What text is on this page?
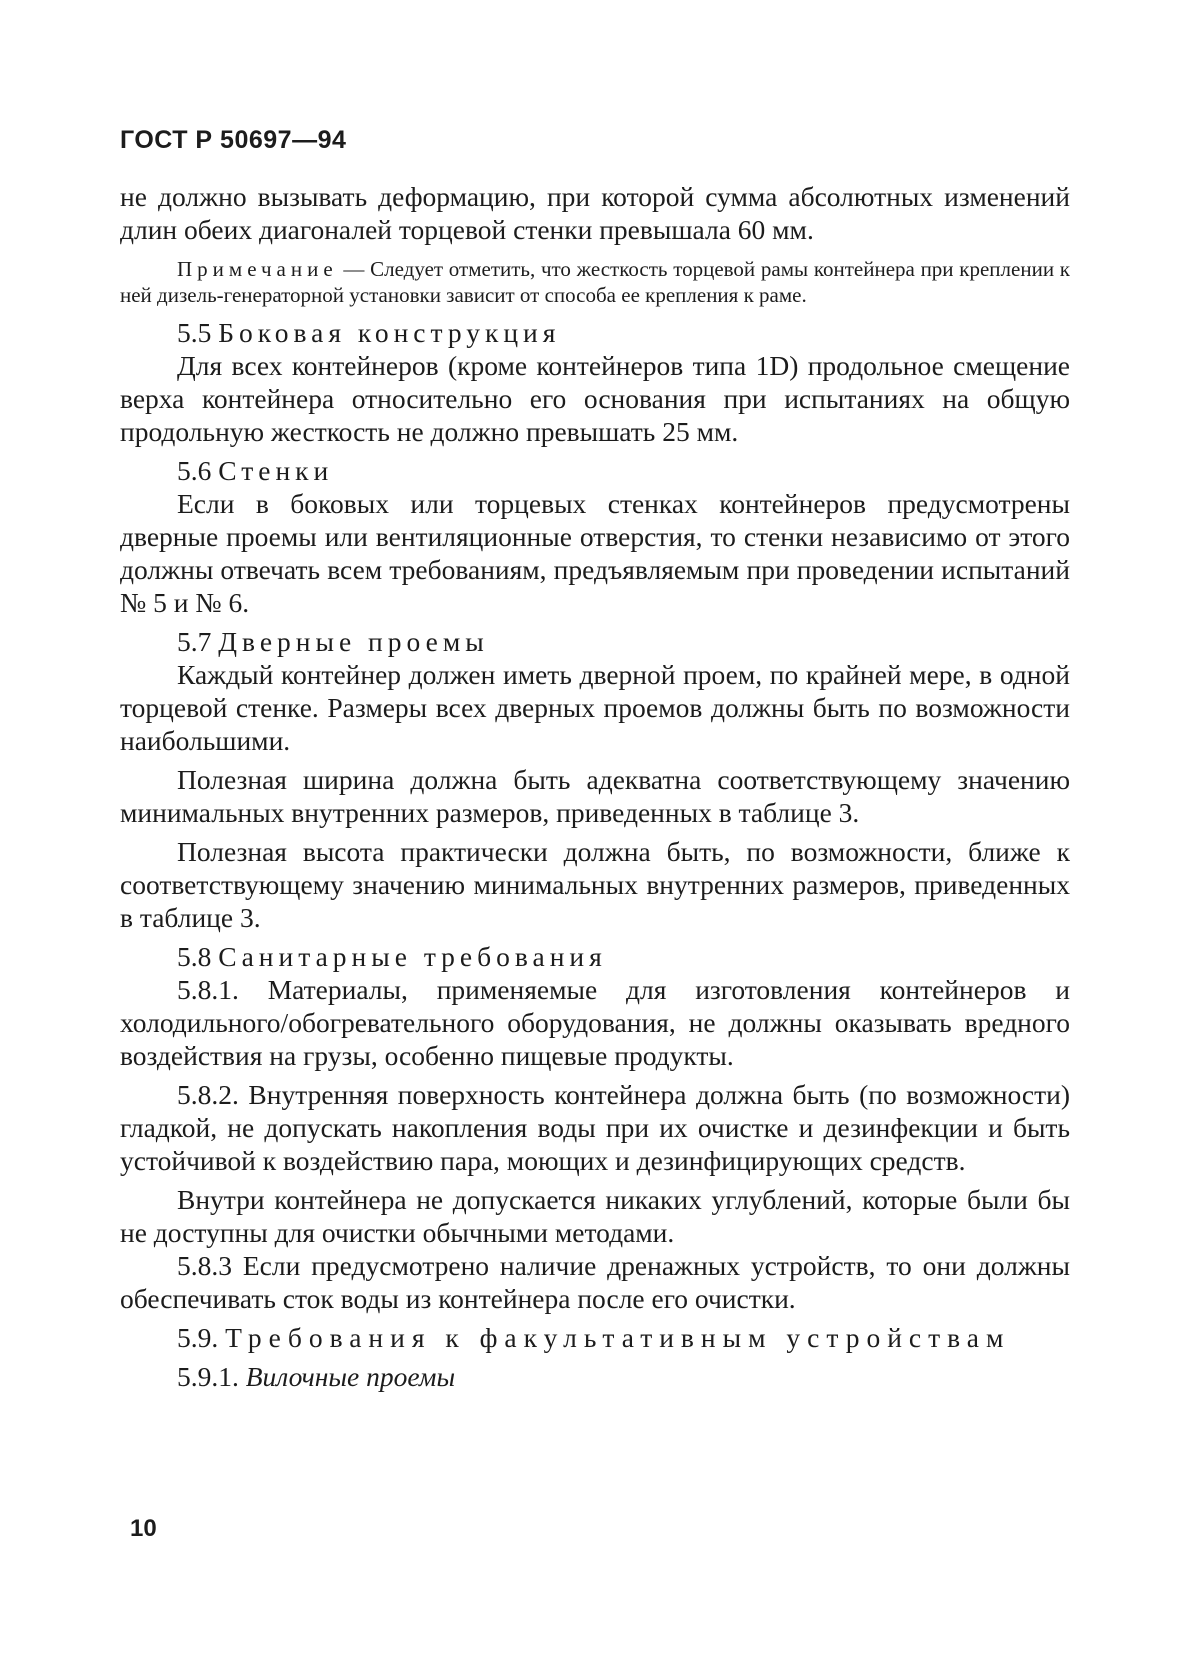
ГОСТ Р 50697—94

не должно вызывать деформацию, при которой сумма абсолютных изменений длин обеих диагоналей торцевой стенки превышала 60 мм.

Примечание — Следует отметить, что жесткость торцевой рамы контейнера при креплении к ней дизель-генераторной установки зависит от способа ее крепления к раме.

5.5 Боковая конструкция

Для всех контейнеров (кроме контейнеров типа 1D) продольное смещение верха контейнера относительно его основания при испытаниях на общую продольную жесткость не должно превышать 25 мм.

5.6 Стенки

Если в боковых или торцевых стенках контейнеров предусмотрены дверные проемы или вентиляционные отверстия, то стенки независимо от этого должны отвечать всем требованиям, предъявляемым при проведении испытаний № 5 и № 6.

5.7 Дверные проемы

Каждый контейнер должен иметь дверной проем, по крайней мере, в одной торцевой стенке. Размеры всех дверных проемов должны быть по возможности наибольшими.

Полезная ширина должна быть адекватна соответствующему значению минимальных внутренних размеров, приведенных в таблице 3.

Полезная высота практически должна быть, по возможности, ближе к соответствующему значению минимальных внутренних размеров, приведенных в таблице 3.

5.8 Санитарные требования

5.8.1. Материалы, применяемые для изготовления контейнеров и холодильного/обогревательного оборудования, не должны оказывать вредного воздействия на грузы, особенно пищевые продукты.

5.8.2. Внутренняя поверхность контейнера должна быть (по возможности) гладкой, не допускать накопления воды при их очистке и дезинфекции и быть устойчивой к воздействию пара, моющих и дезинфицирующих средств.

Внутри контейнера не допускается никаких углублений, которые были бы не доступны для очистки обычными методами.

5.8.3 Если предусмотрено наличие дренажных устройств, то они должны обеспечивать сток воды из контейнера после его очистки.

5.9. Требования к факультативным устройствам

5.9.1. Вилочные проемы

10
